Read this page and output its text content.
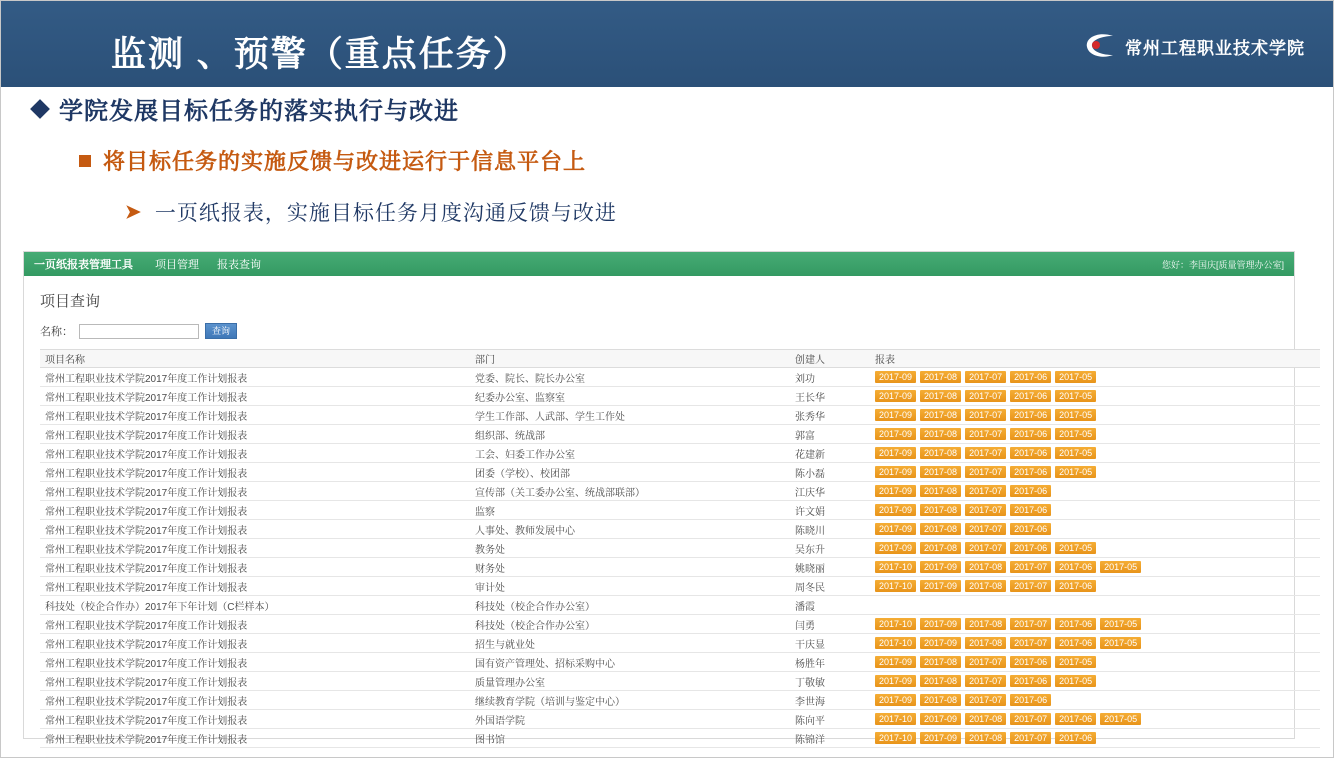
监测 、预警（重点任务）	常州工程职业技术学院
学院发展目标任务的落实执行与改进
将目标任务的实施反馈与改进运行于信息平台上
➤ 一页纸报表，实施目标任务月度沟通反馈与改进
一页纸报表管理工具 项目管理 报表查询	您好：李国庆[质量管理办公室]
项目查询
名称：	查询
项目名称	部门	创建人	报表
常州工程职业技术学院2017年度工作计划报表	党委、院长、院长办公室	刘功	2017-09 2017-08 2017-07 2017-06 2017-05

常州工程职业技术学院2017年度工作计划报表	纪委办公室、监察室	王长华	2017-09 2017-08 2017-07 2017-06 2017-05

常州工程职业技术学院2017年度工作计划报表	学生工作部、人武部、学生工作处	张秀华	2017-09 2017-08 2017-07 2017-06 2017-05

常州工程职业技术学院2017年度工作计划报表	组织部、统战部	郭富	2017-09 2017-08 2017-07 2017-06 2017-05

常州工程职业技术学院2017年度工作计划报表	工会、妇委工作办公室	花建新	2017-09 2017-08 2017-07 2017-06 2017-05

常州工程职业技术学院2017年度工作计划报表	团委（学校）、校团部	陈小磊	2017-09 2017-08 2017-07 2017-06 2017-05

常州工程职业技术学院2017年度工作计划报表	宣传部（关工委办公室、统战部联部）	江庆华	2017-09 2017-08 2017-07 2017-06

常州工程职业技术学院2017年度工作计划报表	监察	许文娟	2017-09 2017-08 2017-07 2017-06

常州工程职业技术学院2017年度工作计划报表	人事处、教师发展中心	陈晓川	2017-09 2017-08 2017-07 2017-06

常州工程职业技术学院2017年度工作计划报表	教务处	吴东升	2017-09 2017-08 2017-07 2017-06 2017-05

常州工程职业技术学院2017年度工作计划报表	财务处	姚晓丽	2017-10	2017-09	2017-08	2017-07	2017-06	2017-05

常州工程职业技术学院2017年度工作计划报表	审计处	周冬民	2017-10 2017-09 2017-08 2017-07 2017-06

科技处（校企合作办）2017年下年计划（C栏样本）	科技处（校企合作办公室）	潘霞	

常州工程职业技术学院2017年度工作计划报表	科技处（校企合作办公室）	闫勇	2017-10	2017-09	2017-08	2017-07	2017-06	2017-05

常州工程职业技术学院2017年度工作计划报表	招生与就业处	干庆显	2017-10	2017-09	2017-08	2017-07	2017-06	2017-05

常州工程职业技术学院2017年度工作计划报表	国有资产管理处、招标采购中心	杨胜年	2017-09 2017-08 2017-07 2017-06 2017-05

常州工程职业技术学院2017年度工作计划报表	质量管理办公室	丁敬敏	2017-09 2017-08 2017-07 2017-06 2017-05

常州工程职业技术学院2017年度工作计划报表	继续教育学院（培训与鉴定中心）	李世海	2017-09 2017-08 2017-07 2017-06

常州工程职业技术学院2017年度工作计划报表	外国语学院	陈向平	2017-10	2017-09	2017-08	2017-07	2017-06	2017-05

常州工程职业技术学院2017年度工作计划报表	图书馆	陈锦洋	2017-10 2017-09 2017-08 2017-07 2017-06
